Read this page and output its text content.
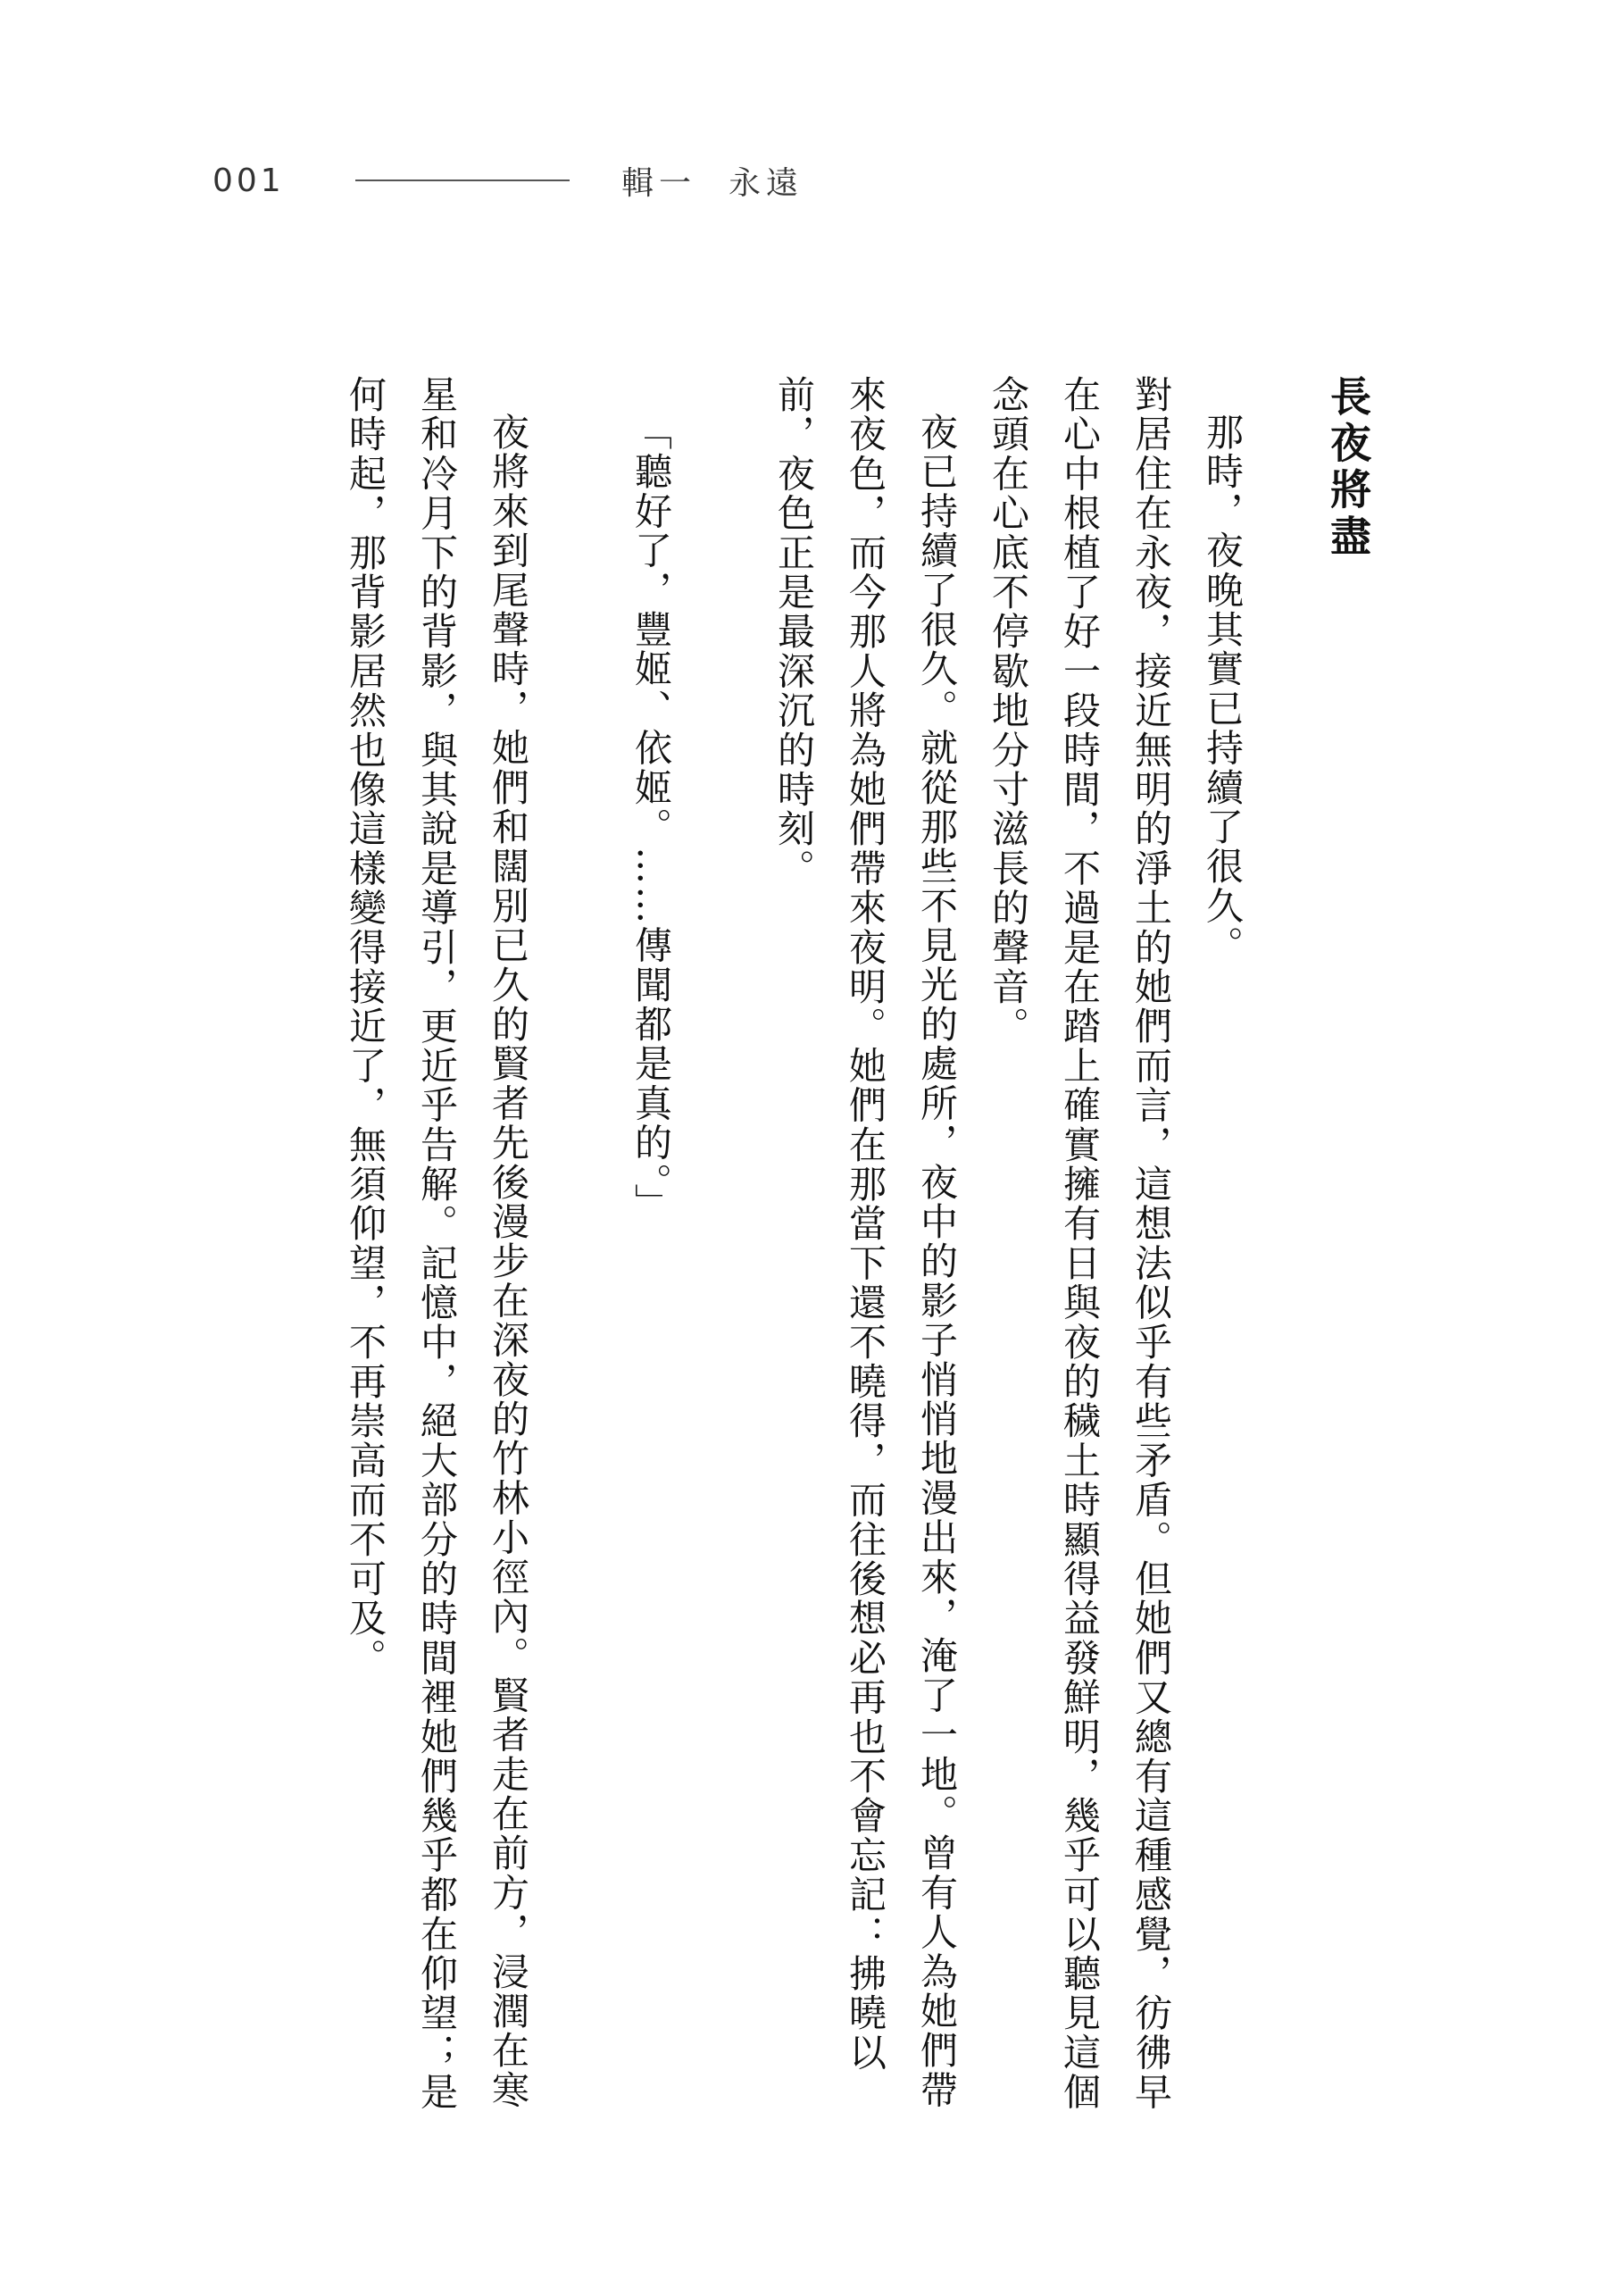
001	輯一 永遠
長夜將盡

那時，夜晚其實已持續了很久。

對居住在永夜，接近無明的淨土的她們而言，這想法似乎有些矛盾。但她們又總有這種感覺，彷彿早在心中根植了好一段時間，不過是在踏上確實擁有日與夜的穢土時顯得益發鮮明，幾乎可以聽見這個念頭在心底不停歇地分寸滋長的聲音。

夜已持續了很久。就從那些不見光的處所，夜中的影子悄悄地漫出來，淹了一地。曾有人為她們帶來夜色，而今那人將為她們帶來夜明。她們在那當下還不曉得，而往後想必再也不會忘記：拂曉以前，夜色正是最深沉的時刻。

「聽好了，豐姬、依姬。……傳聞都是真的。」

夜將來到尾聲時，她們和闊別已久的賢者先後漫步在深夜的竹林小徑內。賢者走在前方，浸潤在寒星和冷月下的背影，與其說是導引，更近乎告解。記憶中，絕大部分的時間裡她們幾乎都在仰望；是何時起，那背影居然也像這樣變得接近了，無須仰望，不再崇高而不可及。
